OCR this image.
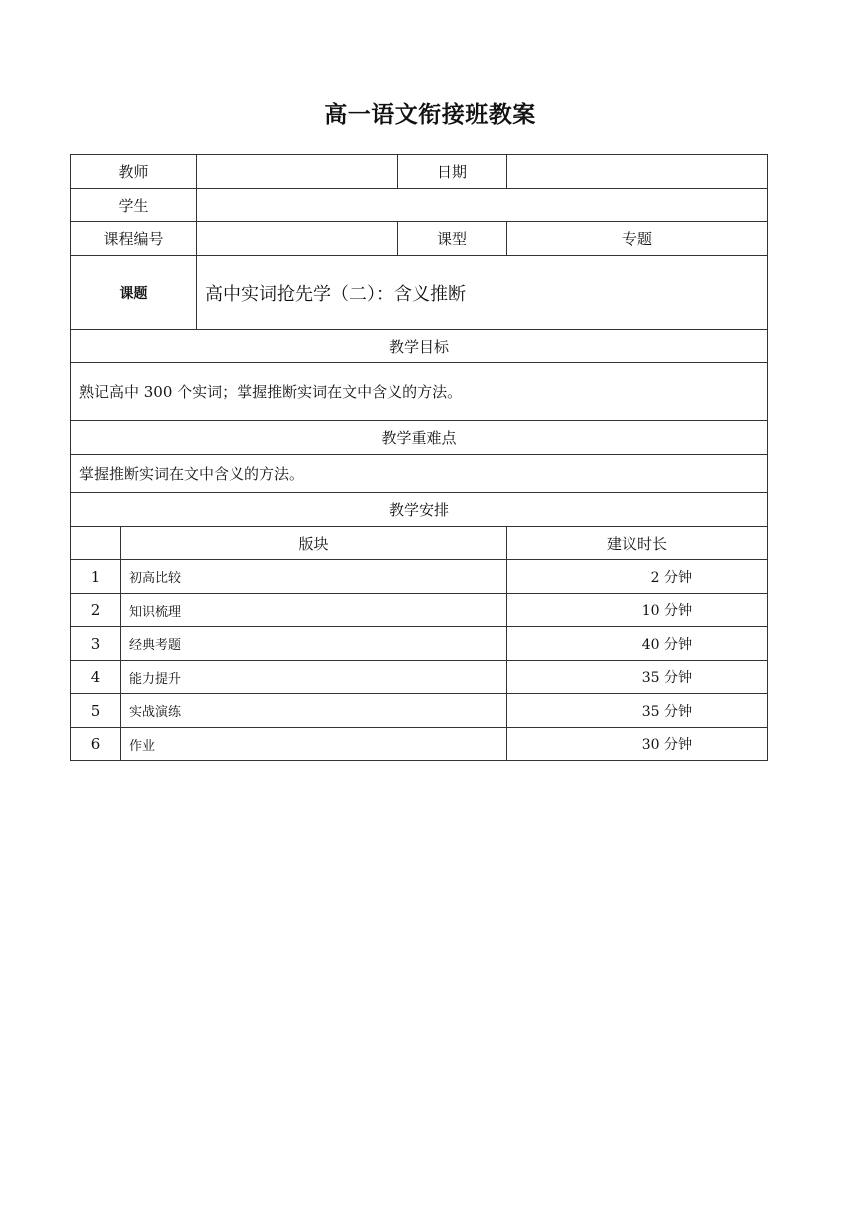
高一语文衔接班教案
教师			日期	
学生				
课程编号			课型	专题
课题		高中实词抢先学（二）：含义推断		
教学目标				
熟记高中 300 个实词；掌握推断实词在文中含义的方法。				
教学重难点				
掌握推断实词在文中含义的方法。				
教学安排				
	版块			建议时长
1	初高比较			2 分钟
2	知识梳理			10 分钟
3	经典考题			40 分钟
4	能力提升			35 分钟
5	实战演练			35 分钟
6	作业			30 分钟
